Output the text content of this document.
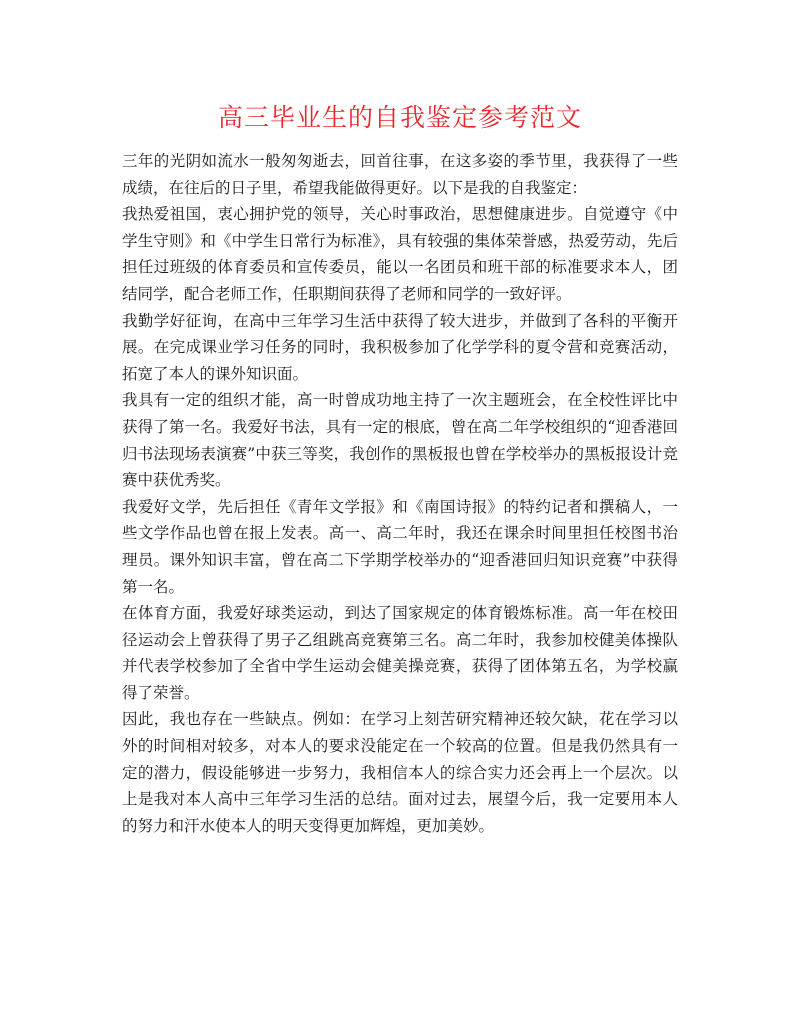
高三毕业生的自我鉴定参考范文

三年的光阴如流水一般匆匆逝去，回首往事，在这多姿的季节里，我获得了一些成绩，在往后的日子里，希望我能做得更好。以下是我的自我鉴定：

我热爱祖国，衷心拥护党的领导，关心时事政治，思想健康进步。自觉遵守《中学生守则》和《中学生日常行为标准》，具有较强的集体荣誉感，热爱劳动，先后担任过班级的体育委员和宣传委员，能以一名团员和班干部的标准要求本人，团结同学，配合老师工作，任职期间获得了老师和同学的一致好评。

我勤学好征询，在高中三年学习生活中获得了较大进步，并做到了各科的平衡开展。在完成课业学习任务的同时，我积极参加了化学学科的夏令营和竞赛活动，拓宽了本人的课外知识面。

我具有一定的组织才能，高一时曾成功地主持了一次主题班会，在全校性评比中获得了第一名。我爱好书法，具有一定的根底，曾在高二年学校组织的“迎香港回归书法现场表演赛”中获三等奖，我创作的黑板报也曾在学校举办的黑板报设计竞赛中获优秀奖。

我爱好文学，先后担任《青年文学报》和《南国诗报》的特约记者和撰稿人，一些文学作品也曾在报上发表。高一、高二年时，我还在课余时间里担任校图书治理员。课外知识丰富，曾在高二下学期学校举办的“迎香港回归知识竞赛”中获得第一名。

在体育方面，我爱好球类运动，到达了国家规定的体育锻炼标准。高一年在校田径运动会上曾获得了男子乙组跳高竞赛第三名。高二年时，我参加校健美体操队并代表学校参加了全省中学生运动会健美操竞赛，获得了团体第五名，为学校赢得了荣誉。

因此，我也存在一些缺点。例如：在学习上刻苦研究精神还较欠缺，花在学习以外的时间相对较多，对本人的要求没能定在一个较高的位置。但是我仍然具有一定的潜力，假设能够进一步努力，我相信本人的综合实力还会再上一个层次。以上是我对本人高中三年学习生活的总结。面对过去，展望今后，我一定要用本人的努力和汗水使本人的明天变得更加辉煌，更加美妙。
